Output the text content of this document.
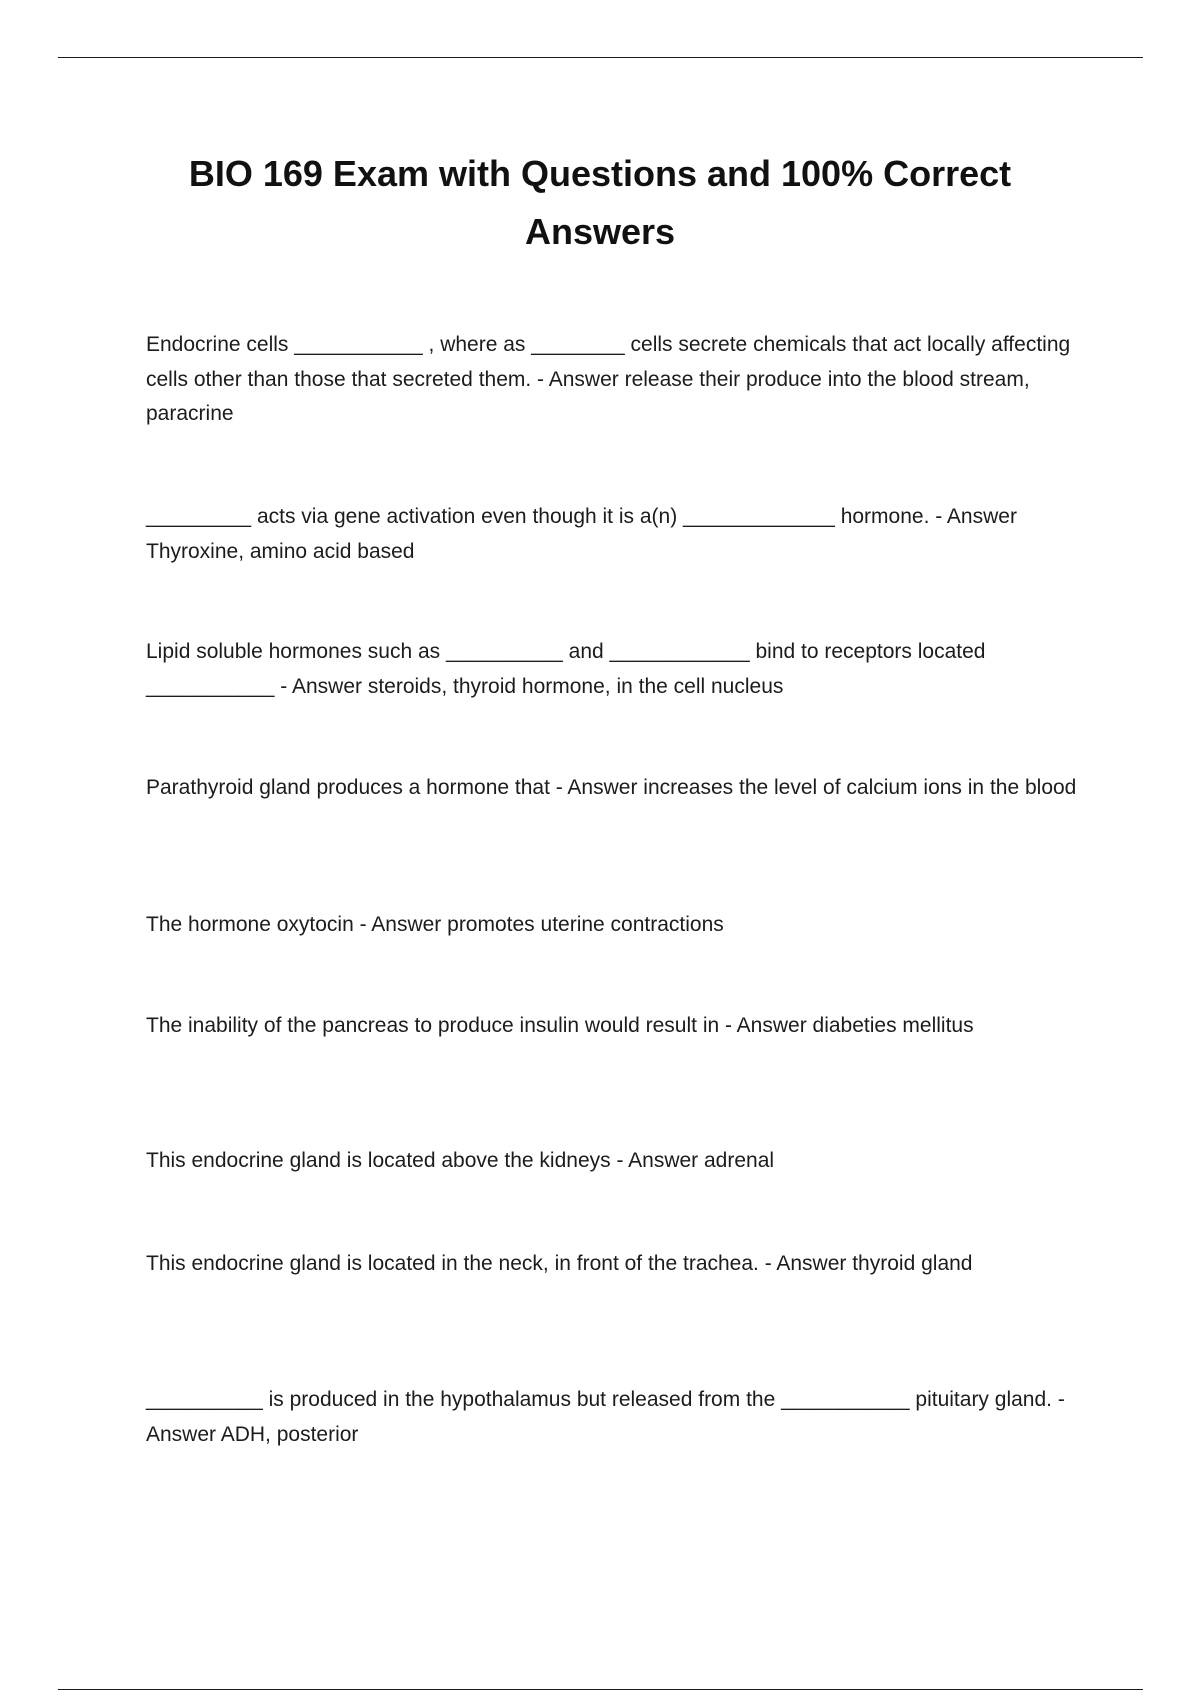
BIO 169 Exam with Questions and 100% Correct Answers

Endocrine cells ___________ , where as ________ cells secrete chemicals that act locally affecting cells other than those that secreted them. - Answer release their produce into the blood stream, paracrine

_________ acts via gene activation even though it is a(n) _____________ hormone. - Answer Thyroxine, amino acid based

Lipid soluble hormones such as __________ and ____________ bind to receptors located ___________ - Answer steroids, thyroid hormone, in the cell nucleus

Parathyroid gland produces a hormone that - Answer increases the level of calcium ions in the blood

The hormone oxytocin - Answer promotes uterine contractions

The inability of the pancreas to produce insulin would result in - Answer diabeties mellitus

This endocrine gland is located above the kidneys - Answer adrenal

This endocrine gland is located in the neck, in front of the trachea. - Answer thyroid gland

__________ is produced in the hypothalamus but released from the ___________ pituitary gland. - Answer ADH, posterior
